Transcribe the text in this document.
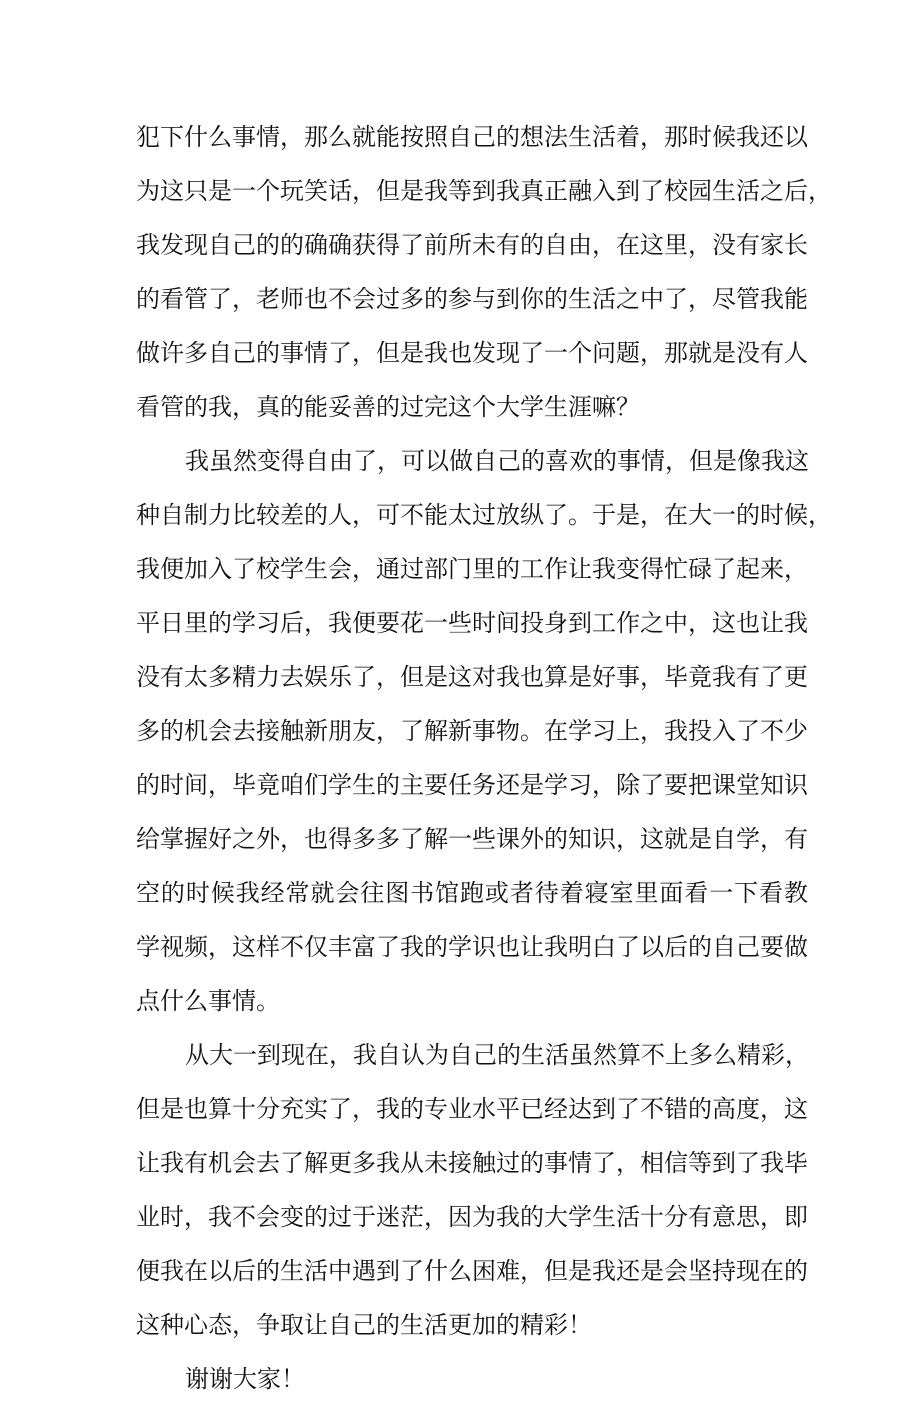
犯下什么事情，那么就能按照自己的想法生活着，那时候我还以
为这只是一个玩笑话，但是我等到我真正融入到了校园生活之后，
我发现自己的的确确获得了前所未有的自由，在这里，没有家长
的看管了，老师也不会过多的参与到你的生活之中了，尽管我能
做许多自己的事情了，但是我也发现了一个问题，那就是没有人
看管的我，真的能妥善的过完这个大学生涯嘛？
我虽然变得自由了，可以做自己的喜欢的事情，但是像我这
种自制力比较差的人，可不能太过放纵了。于是，在大一的时候，
我便加入了校学生会，通过部门里的工作让我变得忙碌了起来，
平日里的学习后，我便要花一些时间投身到工作之中，这也让我
没有太多精力去娱乐了，但是这对我也算是好事，毕竟我有了更
多的机会去接触新朋友，了解新事物。在学习上，我投入了不少
的时间，毕竟咱们学生的主要任务还是学习，除了要把课堂知识
给掌握好之外，也得多多了解一些课外的知识，这就是自学，有
空的时候我经常就会往图书馆跑或者待着寝室里面看一下看教
学视频，这样不仅丰富了我的学识也让我明白了以后的自己要做
点什么事情。
从大一到现在，我自认为自己的生活虽然算不上多么精彩，
但是也算十分充实了，我的专业水平已经达到了不错的高度，这
让我有机会去了解更多我从未接触过的事情了，相信等到了我毕
业时，我不会变的过于迷茫，因为我的大学生活十分有意思，即
便我在以后的生活中遇到了什么困难，但是我还是会坚持现在的
这种心态，争取让自己的生活更加的精彩！
谢谢大家！
